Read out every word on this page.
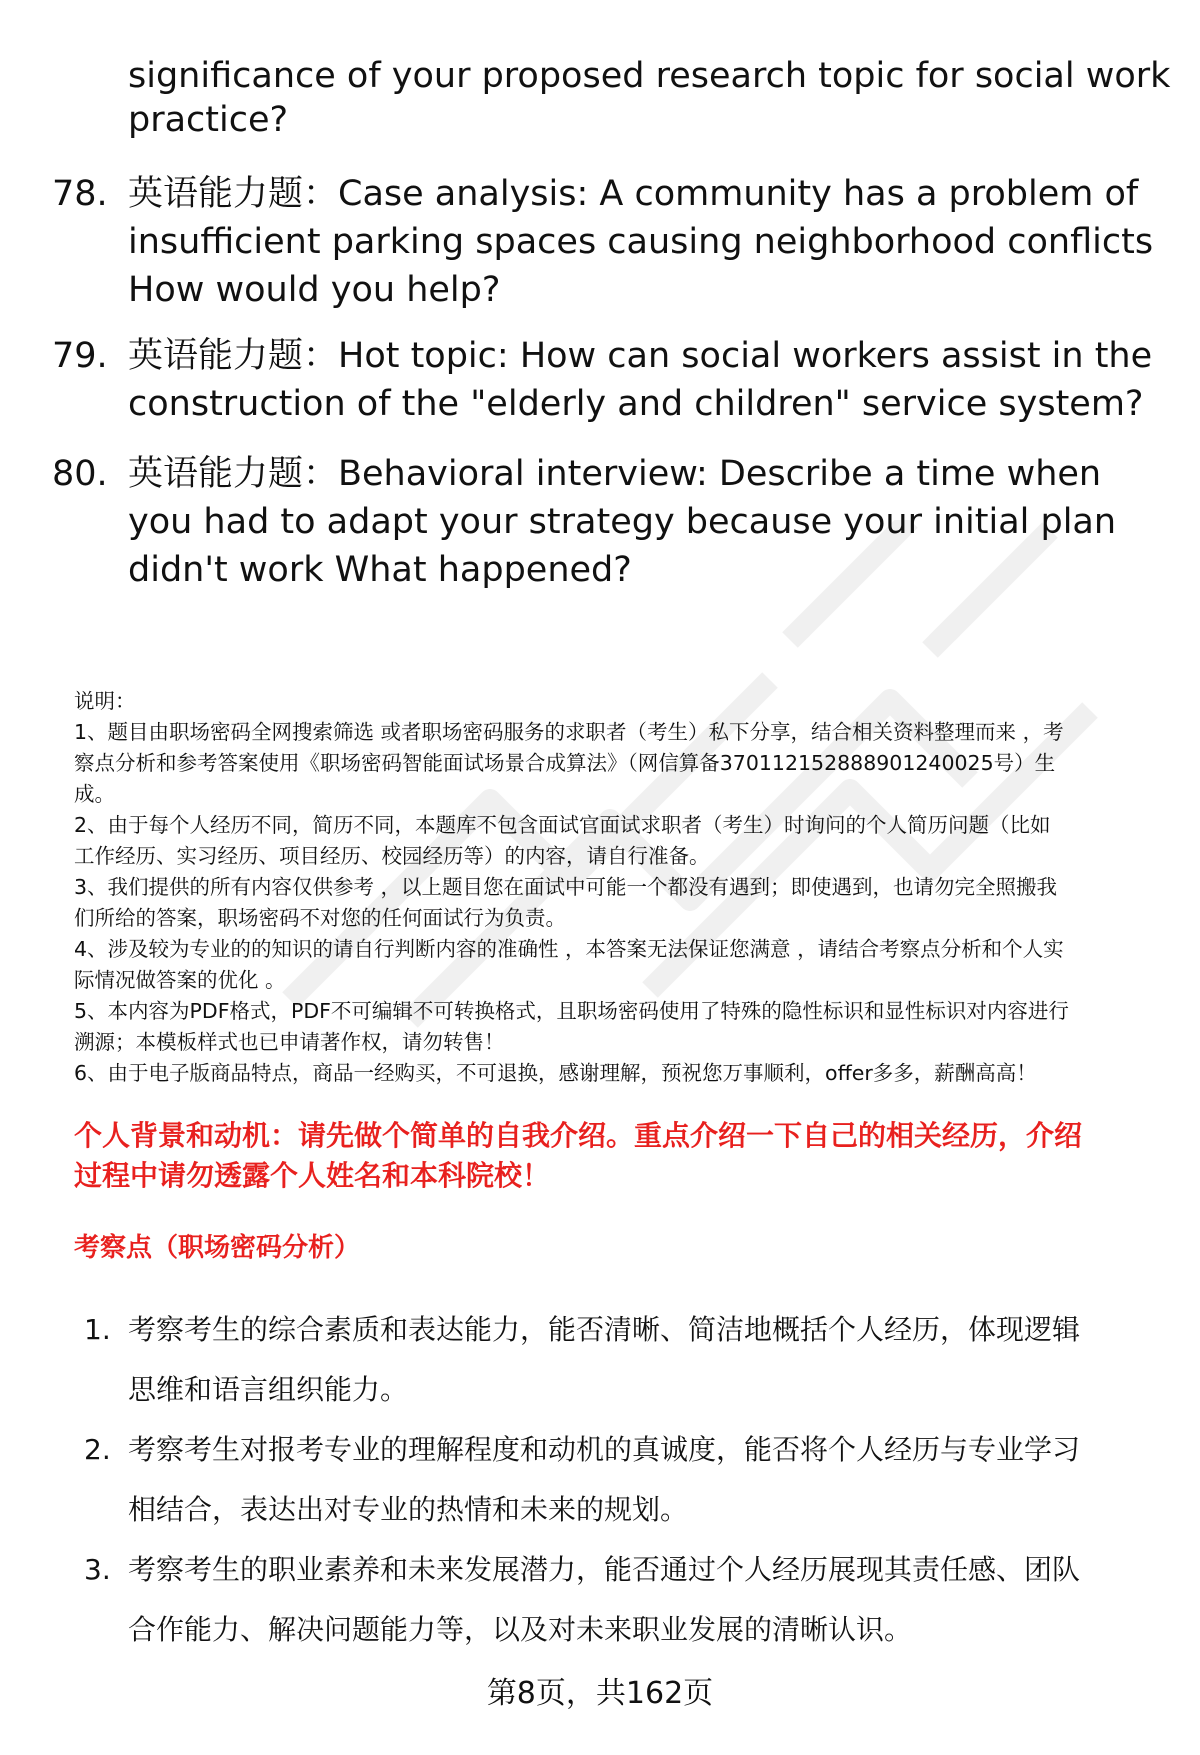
significance of your proposed research topic for social work
practice?
78. 英语能力题：Case analysis: A community has a problem of
insufficient parking spaces causing neighborhood conflicts
How would you help?
79. 英语能力题：Hot topic: How can social workers assist in the
construction of the "elderly and children" service system?
80. 英语能力题：Behavioral interview: Describe a time when
you had to adapt your strategy because your initial plan
didn't work What happened?
说明：
1、题目由职场密码全网搜索筛选 或者职场密码服务的求职者（考生）私下分享，结合相关资料整理而来 ，考
察点分析和参考答案使用《职场密码智能面试场景合成算法》（网信算备370112152888901240025号）生
成。
2、由于每个人经历不同，简历不同，本题库不包含面试官面试求职者（考生）时询问的个人简历问题（比如
工作经历、实习经历、项目经历、校园经历等）的内容，请自行准备。
3、我们提供的所有内容仅供参考 ，以上题目您在面试中可能一个都没有遇到；即使遇到，也请勿完全照搬我
们所给的答案，职场密码不对您的任何面试行为负责。
4、涉及较为专业的的知识的请自行判断内容的准确性 ，本答案无法保证您满意 ，请结合考察点分析和个人实
际情况做答案的优化 。
5、本内容为PDF格式，PDF不可编辑不可转换格式，且职场密码使用了特殊的隐性标识和显性标识对内容进行
溯源；本模板样式也已申请著作权，请勿转售！
6、由于电子版商品特点，商品一经购买，不可退换，感谢理解，预祝您万事顺利，offer多多，薪酬高高！
个人背景和动机：请先做个简单的自我介绍。重点介绍一下自己的相关经历，介绍
过程中请勿透露个人姓名和本科院校！
考察点（职场密码分析）
1. 考察考生的综合素质和表达能力，能否清晰、简洁地概括个人经历，体现逻辑
思维和语言组织能力。
2. 考察考生对报考专业的理解程度和动机的真诚度，能否将个人经历与专业学习
相结合，表达出对专业的热情和未来的规划。
3. 考察考生的职业素养和未来发展潜力，能否通过个人经历展现其责任感、团队
合作能力、解决问题能力等，以及对未来职业发展的清晰认识。
第8页，共162页
